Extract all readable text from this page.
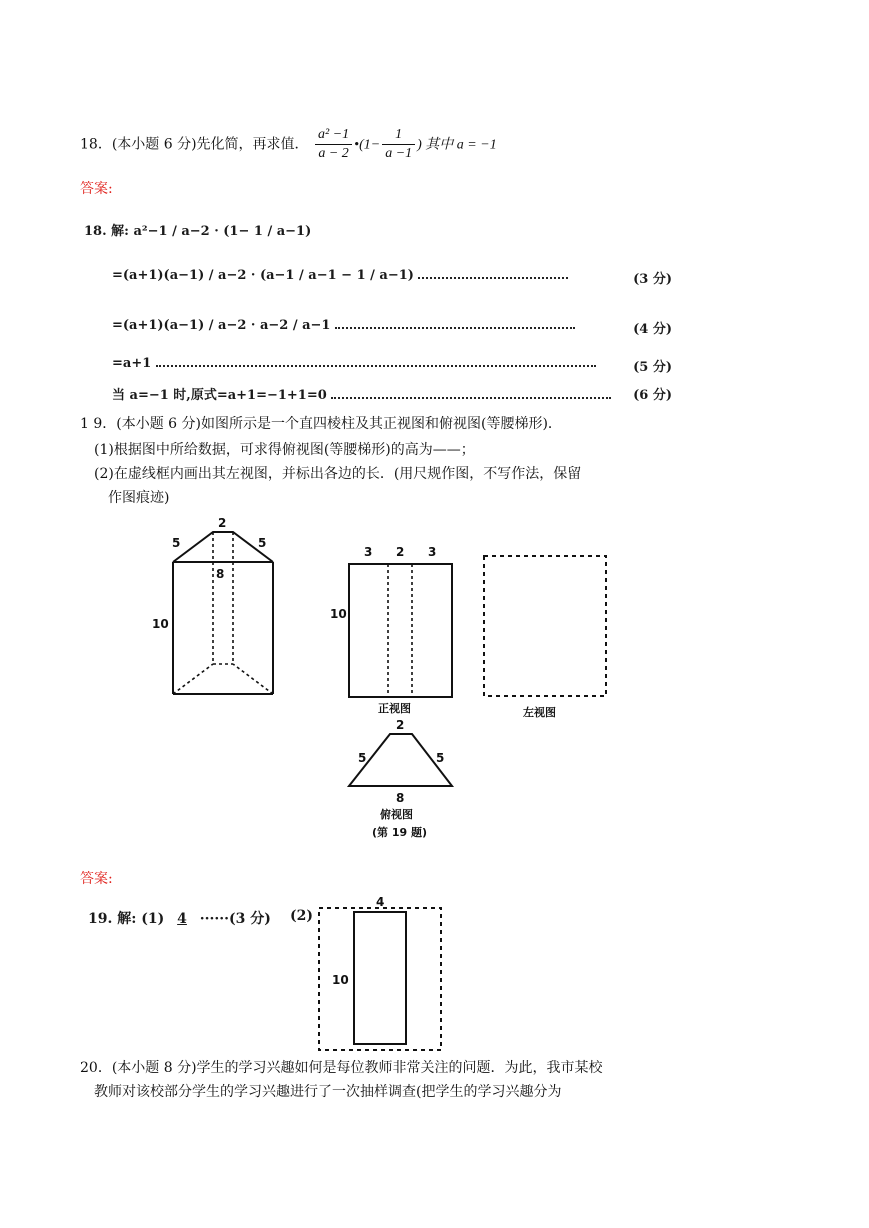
18．(本小题 6 分)先化简，再求值． $\frac{\text{a² −1}}{a - 2}$ •(1− $\frac{1}{a -1}$ ) 其中 a = −1
答案:
18. 解: a²−1 / a−2 · (1− 1 / a−1)
=(a+1)(a−1) / a−2 · (a−1 / a−1 − 1 / a−1)	(3 分)
=(a+1)(a−1) / a−2 · a−2 / a−1	(4 分)
=a+1	(5 分)
当 a=−1 时,原式=a+1=−1+1=0	(6 分)
1 9．(本小题 6 分)如图所示是一个直四棱柱及其正视图和俯视图(等腰梯形)．
(1)根据图中所给数据，可求得俯视图(等腰梯形)的高为——；
(2)在虚线框内画出其左视图，并标出各边的长．(用尺规作图，不写作法，保留
作图痕迹)
2
5	5
8
10
3 2 3
10
正视图	左视图
2
5	5
8
俯视图
(第 19 题)
答案:
19. 解: (1) 4 ······(3 分) (2)
4
10
20．(本小题 8 分)学生的学习兴趣如何是每位教师非常关注的问题．为此，我市某校
教师对该校部分学生的学习兴趣进行了一次抽样调查(把学生的学习兴趣分为
